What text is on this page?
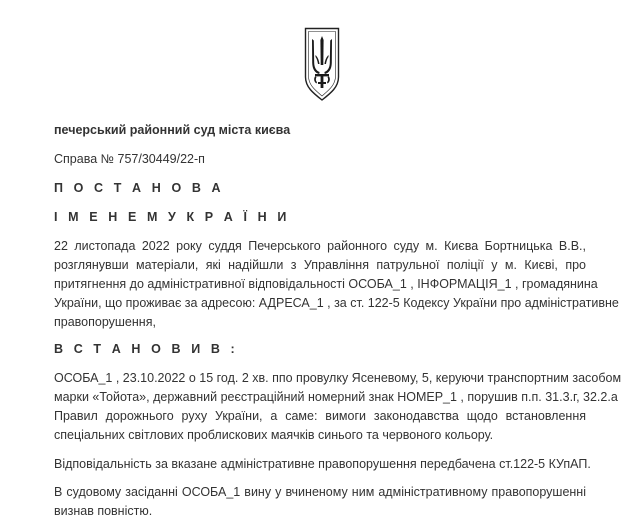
печерський районний суд міста києва
Справа № 757/30449/22-п
П О С Т А Н О В А
І М Е Н Е М У К Р А Ї Н И
22 листопада 2022 року суддя Печерського районного суду м. Києва Бортницька В.В.,
розглянувши матеріали, які надійшли з Управління патрульної поліції у м. Києві, про
притягнення до адміністративної відповідальності ОСОБА_1 , ІНФОРМАЦІЯ_1 , громадянина
України, що проживає за адресою: АДРЕСА_1 , за ст. 122-5 Кодексу України про адміністративне
правопорушення,
В С Т А Н О В И В :
ОСОБА_1 , 23.10.2022 о 15 год. 2 хв. ппо провулку Ясеневому, 5, керуючи транспортним засобом
марки «Тойота», державний реєстраційний номерний знак НОМЕР_1 , порушив п.п. 31.3.г, 32.2.а
Правил дорожнього руху України, а саме: вимоги законодавства щодо встановлення
спеціальних світлових проблискових маячків синього та червоного кольору.
Відповідальність за вказане адміністративне правопорушення передбачена ст.122-5 КУпАП.
В судовому засіданні ОСОБА_1 вину у вчиненому ним адміністративному правопорушенні
визнав повністю.
